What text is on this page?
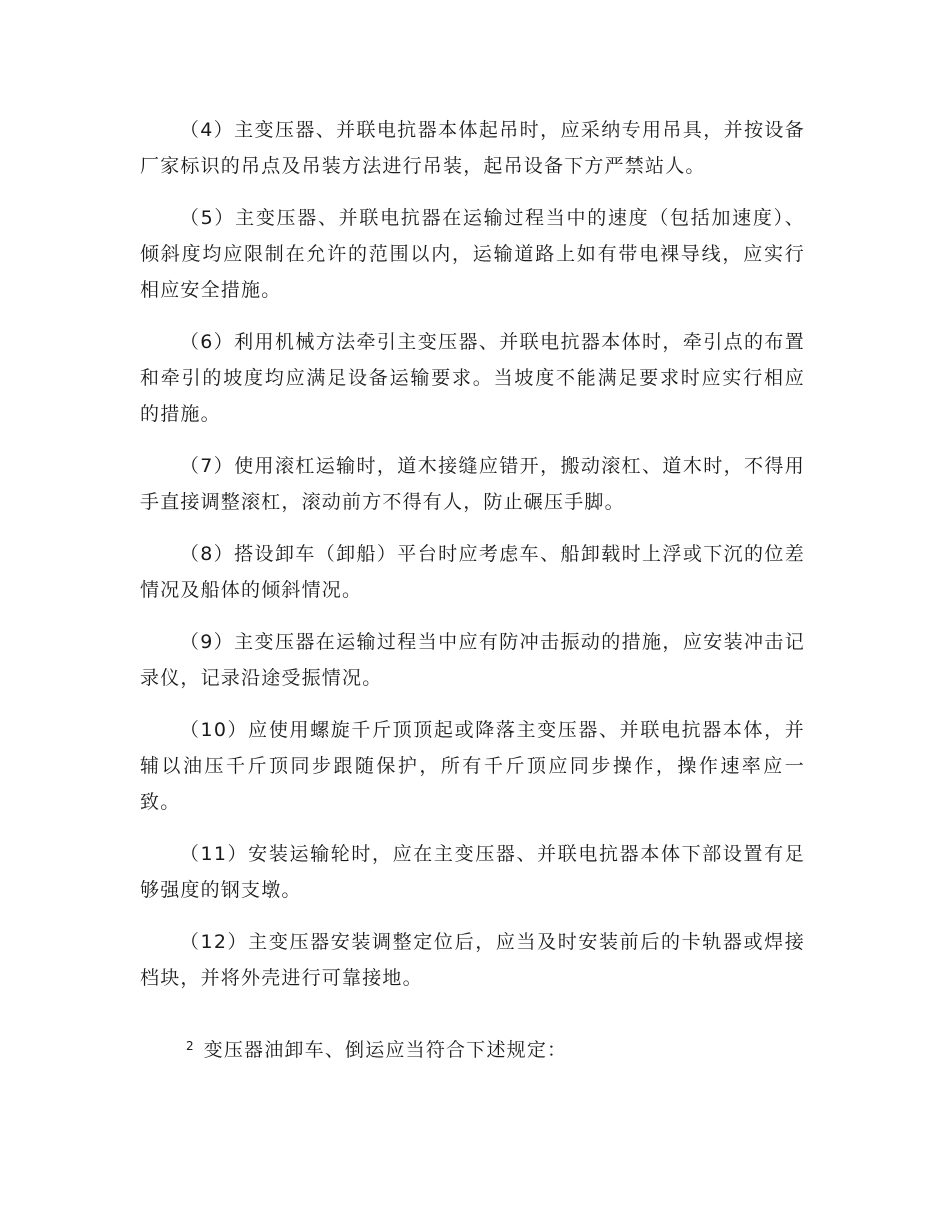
（4）主变压器、并联电抗器本体起吊时，应采纳专用吊具，并按设备厂家标识的吊点及吊装方法进行吊装，起吊设备下方严禁站人。

（5）主变压器、并联电抗器在运输过程当中的速度（包括加速度）、倾斜度均应限制在允许的范围以内，运输道路上如有带电裸导线，应实行相应安全措施。

（6）利用机械方法牵引主变压器、并联电抗器本体时，牵引点的布置和牵引的坡度均应满足设备运输要求。当坡度不能满足要求时应实行相应的措施。

（7）使用滚杠运输时，道木接缝应错开，搬动滚杠、道木时，不得用手直接调整滚杠，滚动前方不得有人，防止碾压手脚。

（8）搭设卸车（卸船）平台时应考虑车、船卸载时上浮或下沉的位差情况及船体的倾斜情况。

（9）主变压器在运输过程当中应有防冲击振动的措施，应安装冲击记录仪，记录沿途受振情况。

（10）应使用螺旋千斤顶顶起或降落主变压器、并联电抗器本体，并辅以油压千斤顶同步跟随保护，所有千斤顶应同步操作，操作速率应一致。

（11）安装运输轮时，应在主变压器、并联电抗器本体下部设置有足够强度的钢支墩。

（12）主变压器安装调整定位后，应当及时安装前后的卡轨器或焊接档块，并将外壳进行可靠接地。

$^2$ 变压器油卸车、倒运应当符合下述规定：
